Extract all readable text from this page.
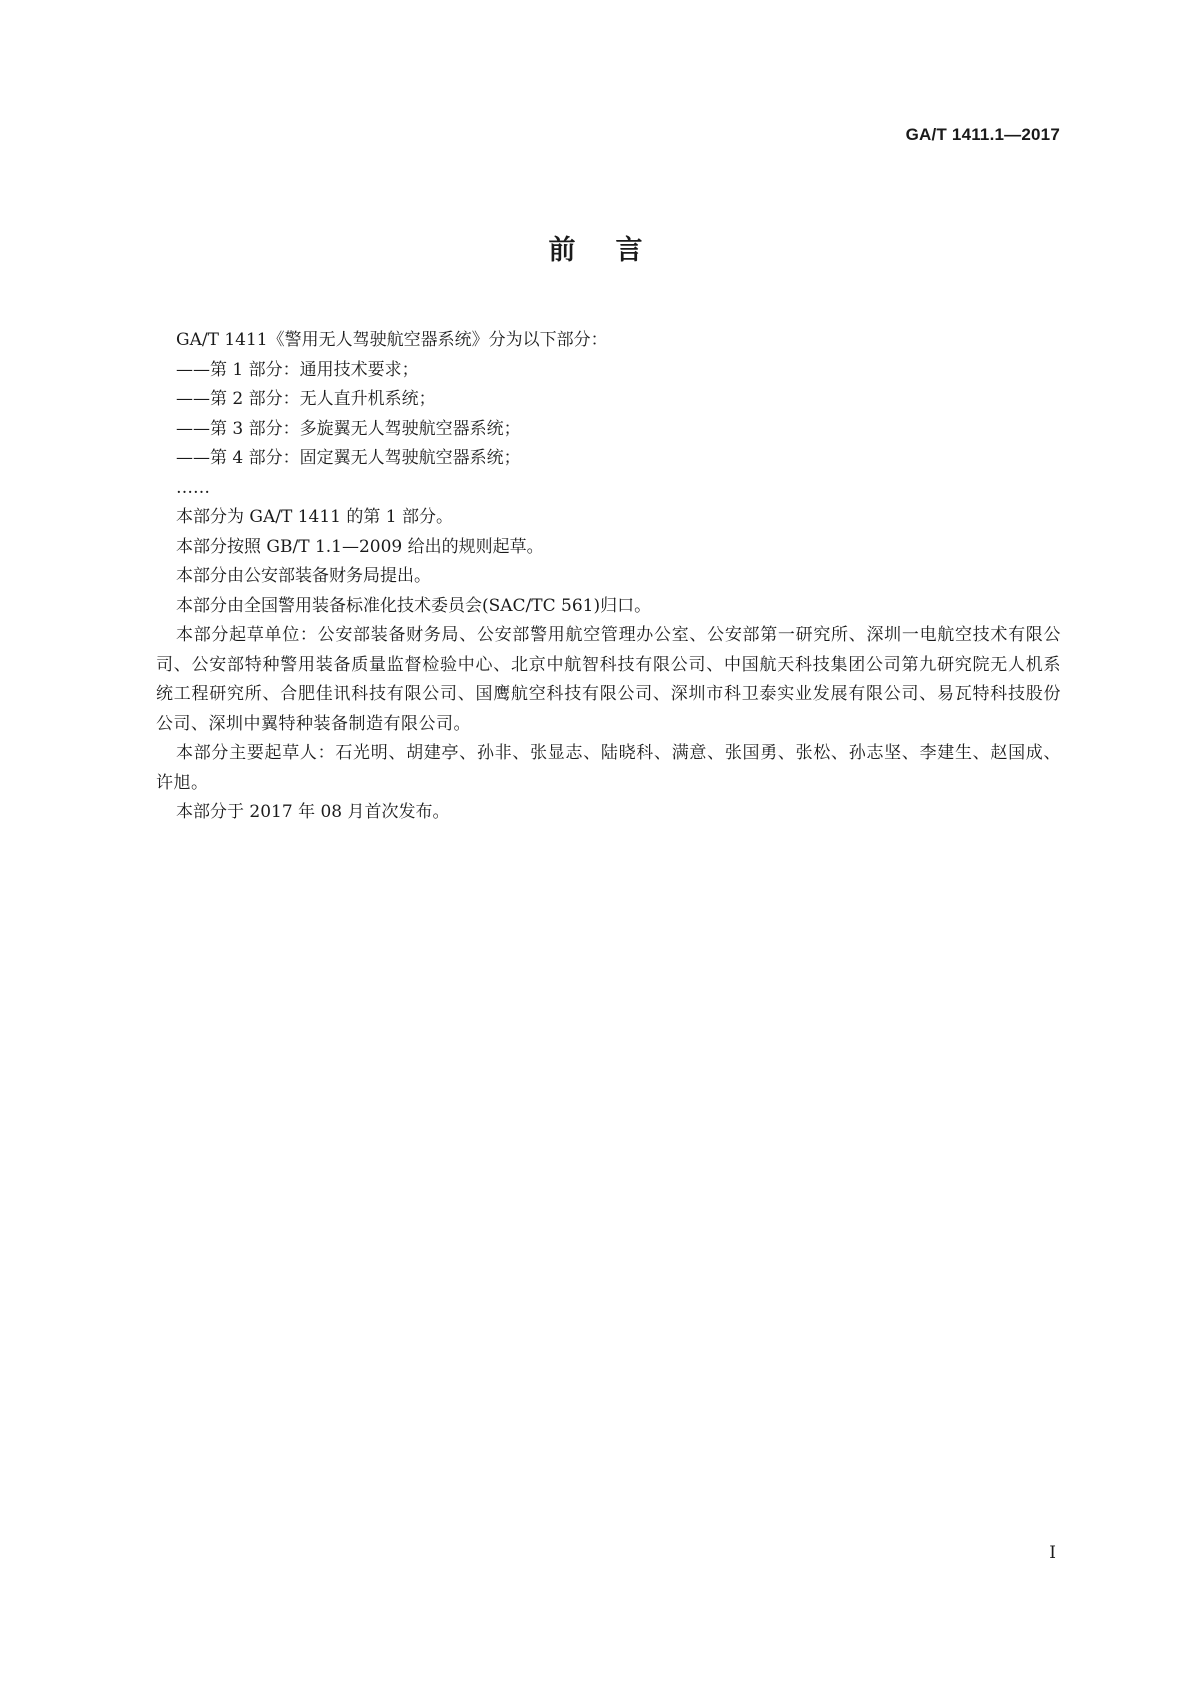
GA/T 1411.1—2017
前言
GA/T 1411《警用无人驾驶航空器系统》分为以下部分：
——第 1 部分：通用技术要求；
——第 2 部分：无人直升机系统；
——第 3 部分：多旋翼无人驾驶航空器系统；
——第 4 部分：固定翼无人驾驶航空器系统；
……
本部分为 GA/T 1411 的第 1 部分。
本部分按照 GB/T 1.1—2009 给出的规则起草。
本部分由公安部装备财务局提出。
本部分由全国警用装备标准化技术委员会(SAC/TC 561)归口。
本部分起草单位：公安部装备财务局、公安部警用航空管理办公室、公安部第一研究所、深圳一电航空技术有限公司、公安部特种警用装备质量监督检验中心、北京中航智科技有限公司、中国航天科技集团公司第九研究院无人机系统工程研究所、合肥佳讯科技有限公司、国鹰航空科技有限公司、深圳市科卫泰实业发展有限公司、易瓦特科技股份公司、深圳中翼特种装备制造有限公司。
本部分主要起草人：石光明、胡建亭、孙非、张显志、陆晓科、满意、张国勇、张松、孙志坚、李建生、赵国成、许旭。
本部分于 2017 年 08 月首次发布。
I
